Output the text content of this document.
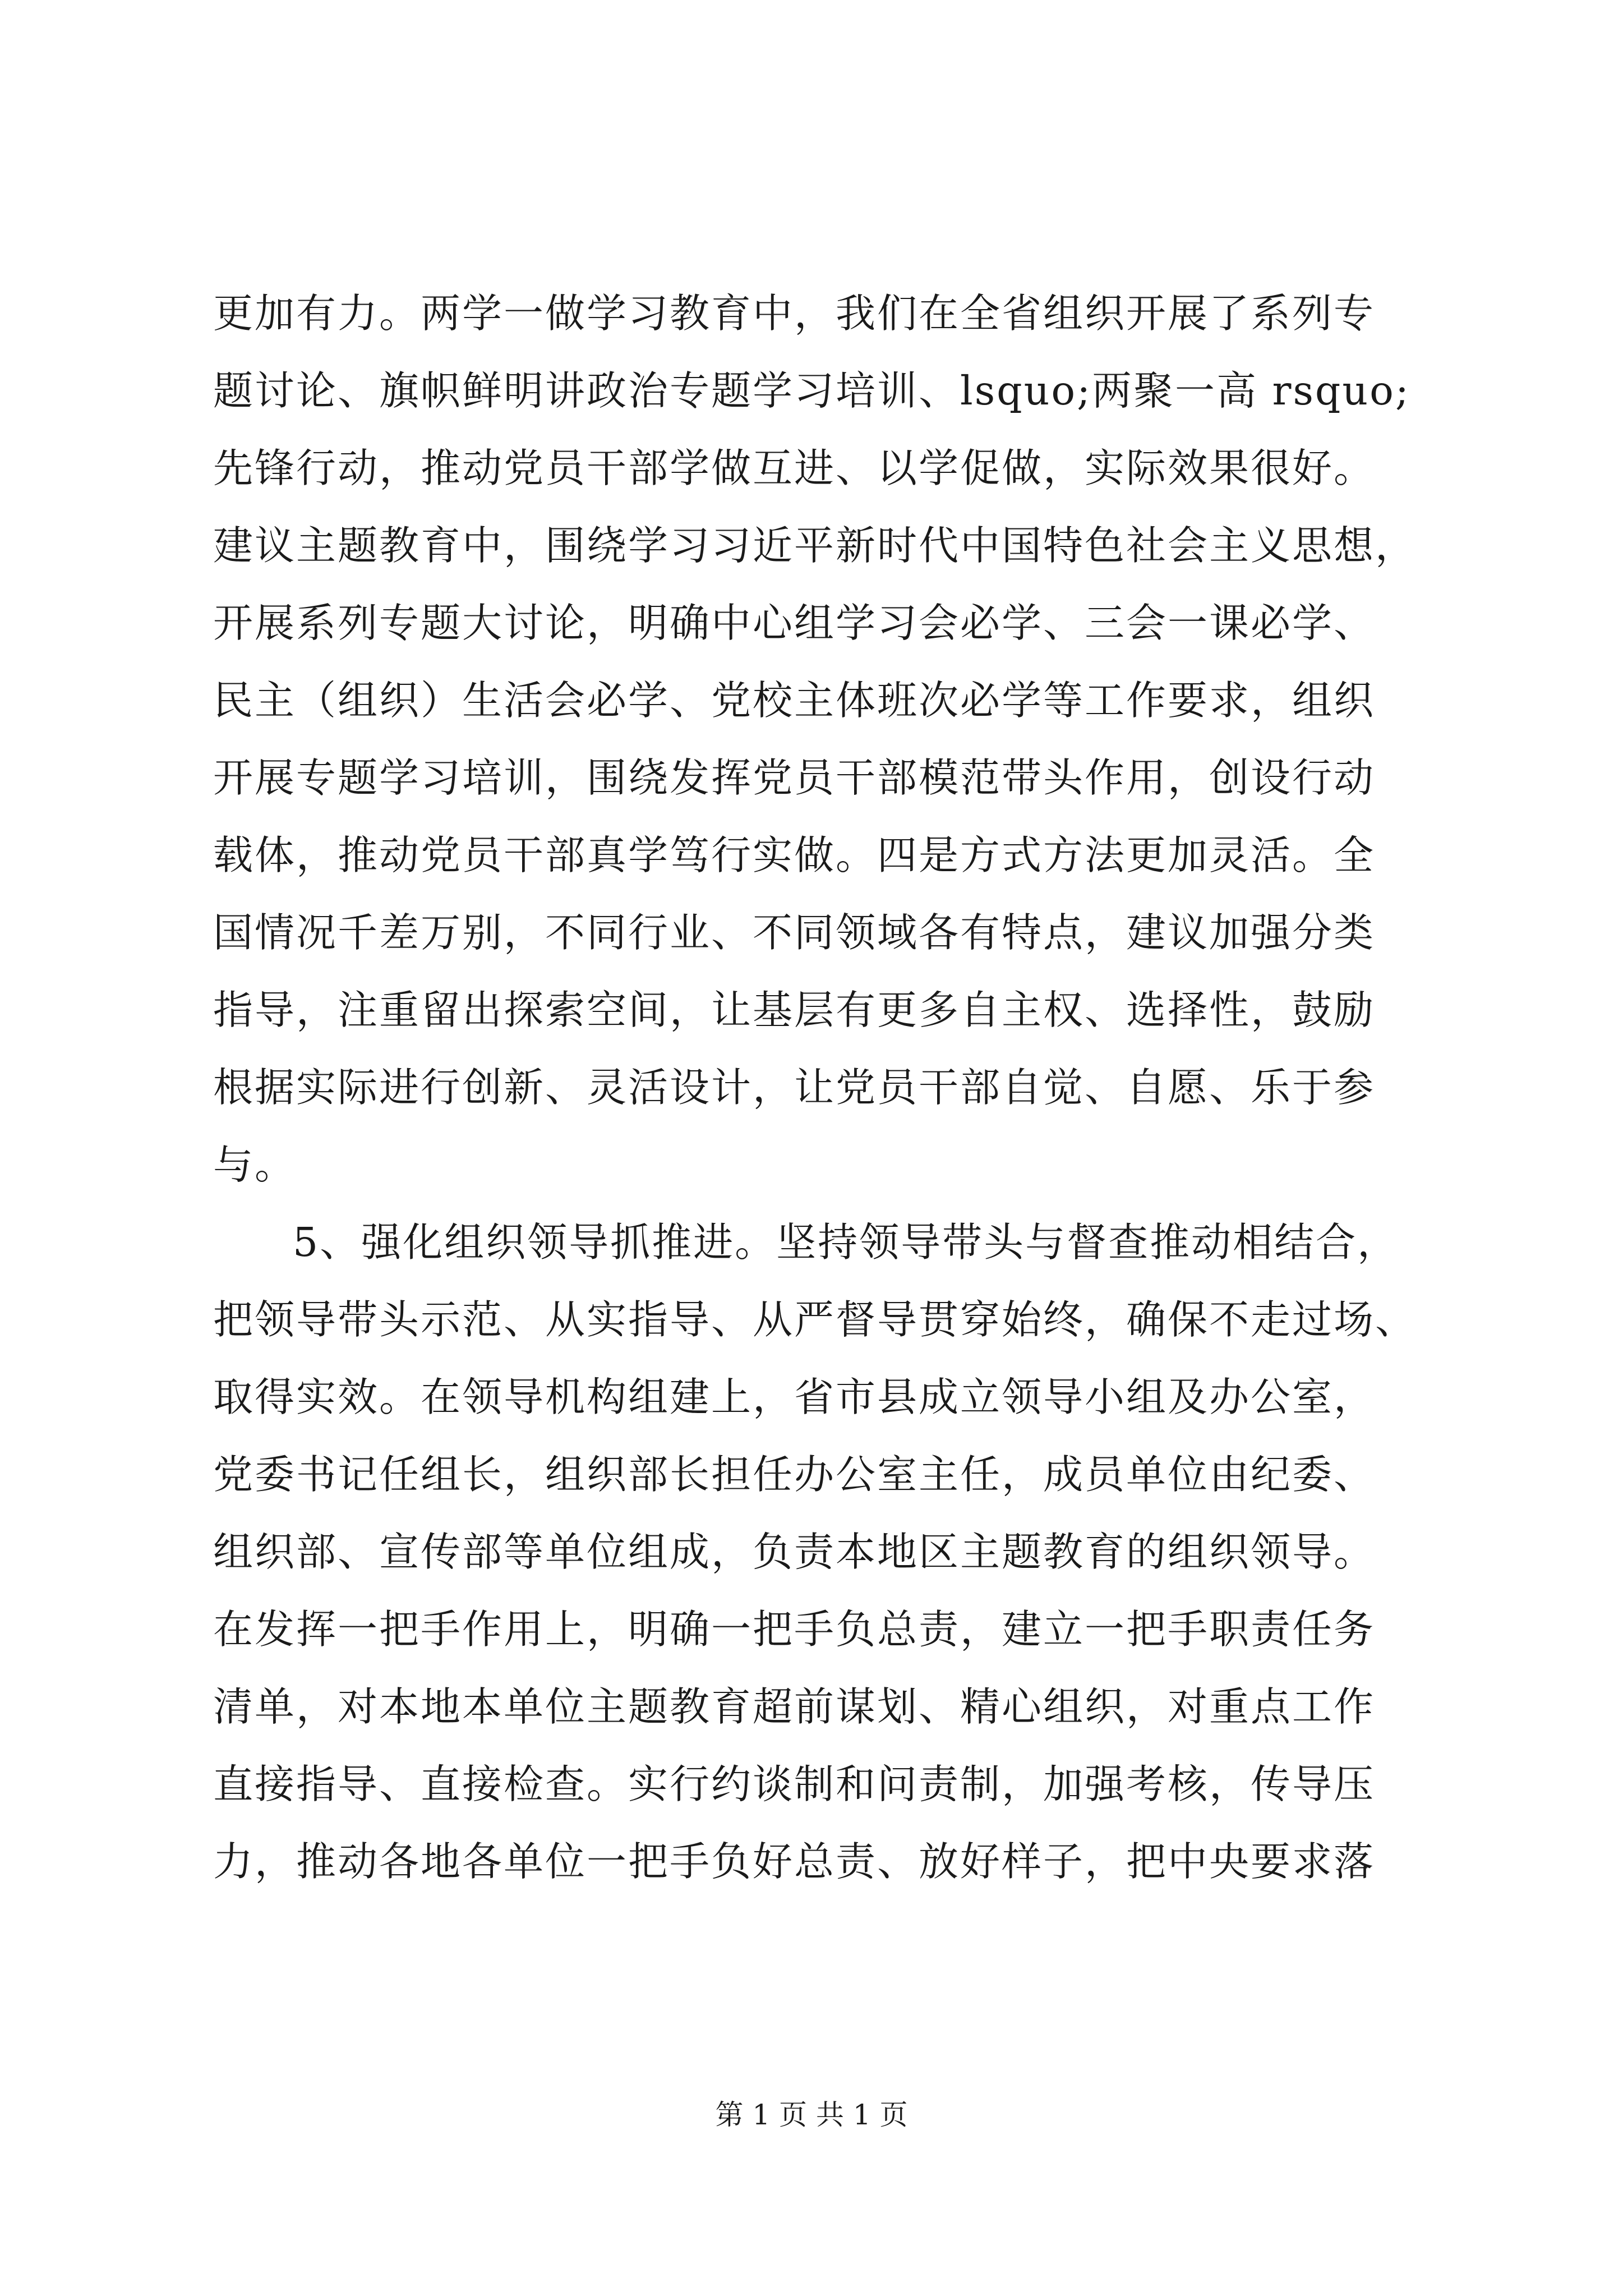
更加有力。两学一做学习教育中，我们在全省组织开展了系列专
题讨论、旗帜鲜明讲政治专题学习培训、lsquo;两聚一高 rsquo;
先锋行动，推动党员干部学做互进、以学促做，实际效果很好。
建议主题教育中，围绕学习习近平新时代中国特色社会主义思想，
开展系列专题大讨论，明确中心组学习会必学、三会一课必学、
民主（组织）生活会必学、党校主体班次必学等工作要求，组织
开展专题学习培训，围绕发挥党员干部模范带头作用，创设行动
载体，推动党员干部真学笃行实做。四是方式方法更加灵活。全
国情况千差万别，不同行业、不同领域各有特点，建议加强分类
指导，注重留出探索空间，让基层有更多自主权、选择性，鼓励
根据实际进行创新、灵活设计，让党员干部自觉、自愿、乐于参
与。
5、强化组织领导抓推进。坚持领导带头与督查推动相结合，
把领导带头示范、从实指导、从严督导贯穿始终，确保不走过场、
取得实效。在领导机构组建上，省市县成立领导小组及办公室，
党委书记任组长，组织部长担任办公室主任，成员单位由纪委、
组织部、宣传部等单位组成，负责本地区主题教育的组织领导。
在发挥一把手作用上，明确一把手负总责，建立一把手职责任务
清单，对本地本单位主题教育超前谋划、精心组织，对重点工作
直接指导、直接检查。实行约谈制和问责制，加强考核，传导压
力，推动各地各单位一把手负好总责、放好样子，把中央要求落
第 1 页 共 1 页
